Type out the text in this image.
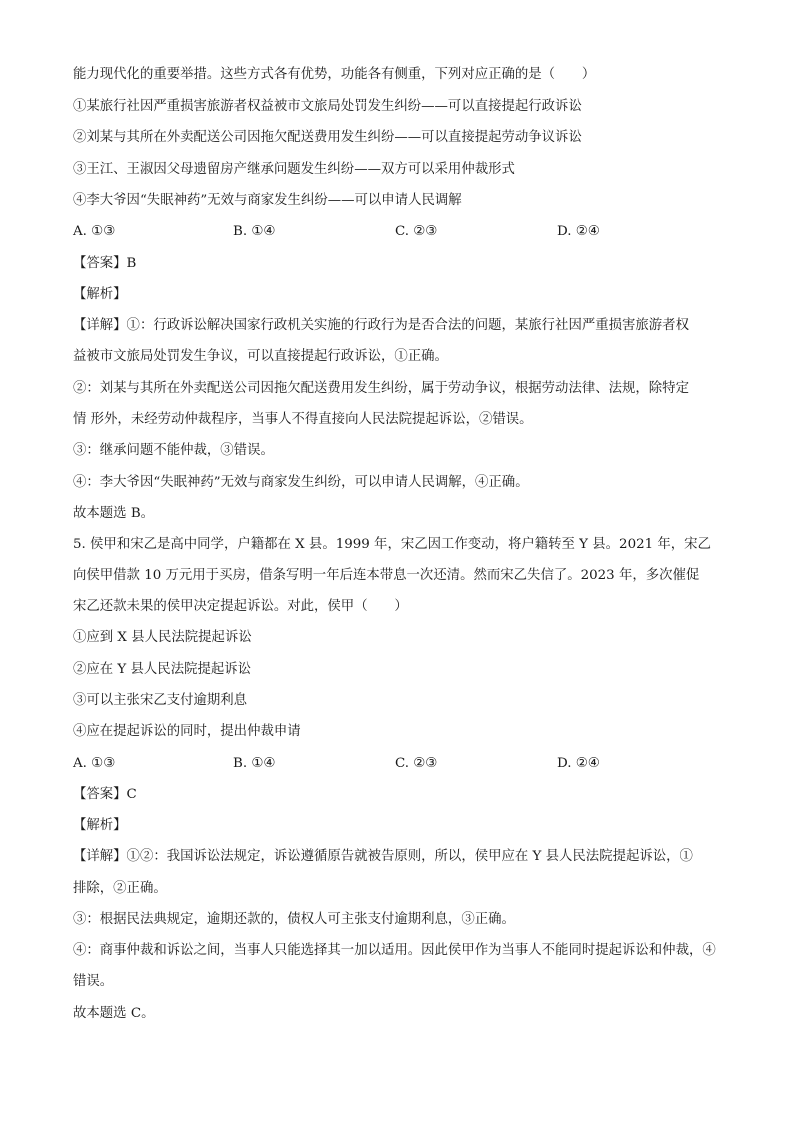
能力现代化的重要举措。这些方式各有优势，功能各有侧重，下列对应正确的是（　　）
①某旅行社因严重损害旅游者权益被市文旅局处罚发生纠纷——可以直接提起行政诉讼
②刘某与其所在外卖配送公司因拖欠配送费用发生纠纷——可以直接提起劳动争议诉讼
③王江、王淑因父母遗留房产继承问题发生纠纷——双方可以采用仲裁形式
④李大爷因“失眠神药”无效与商家发生纠纷——可以申请人民调解
A. ①③	B. ①④	C. ②③	D. ②④
【答案】B
【解析】
【详解】①：行政诉讼解决国家行政机关实施的行政行为是否合法的问题，某旅行社因严重损害旅游者权
益被市文旅局处罚发生争议，可以直接提起行政诉讼，①正确。
②：刘某与其所在外卖配送公司因拖欠配送费用发生纠纷，属于劳动争议，根据劳动法律、法规，除特定
情 形外，未经劳动仲裁程序，当事人不得直接向人民法院提起诉讼，②错误。
③：继承问题不能仲裁，③错误。
④：李大爷因“失眠神药”无效与商家发生纠纷，可以申请人民调解，④正确。
故本题选 B。
5. 侯甲和宋乙是高中同学，户籍都在 X 县。1999 年，宋乙因工作变动，将户籍转至 Y 县。2021 年，宋乙
向侯甲借款 10 万元用于买房，借条写明一年后连本带息一次还清。然而宋乙失信了。2023 年，多次催促
宋乙还款未果的侯甲决定提起诉讼。对此，侯甲（　　）
①应到 X 县人民法院提起诉讼
②应在 Y 县人民法院提起诉讼
③可以主张宋乙支付逾期利息
④应在提起诉讼的同时，提出仲裁申请
A. ①③	B. ①④	C. ②③	D. ②④
【答案】C
【解析】
【详解】①②：我国诉讼法规定，诉讼遵循原告就被告原则，所以，侯甲应在 Y 县人民法院提起诉讼，①
排除，②正确。
③：根据民法典规定，逾期还款的，债权人可主张支付逾期利息，③正确。
④：商事仲裁和诉讼之间，当事人只能选择其一加以适用。因此侯甲作为当事人不能同时提起诉讼和仲裁，④
错误。
故本题选 C。
